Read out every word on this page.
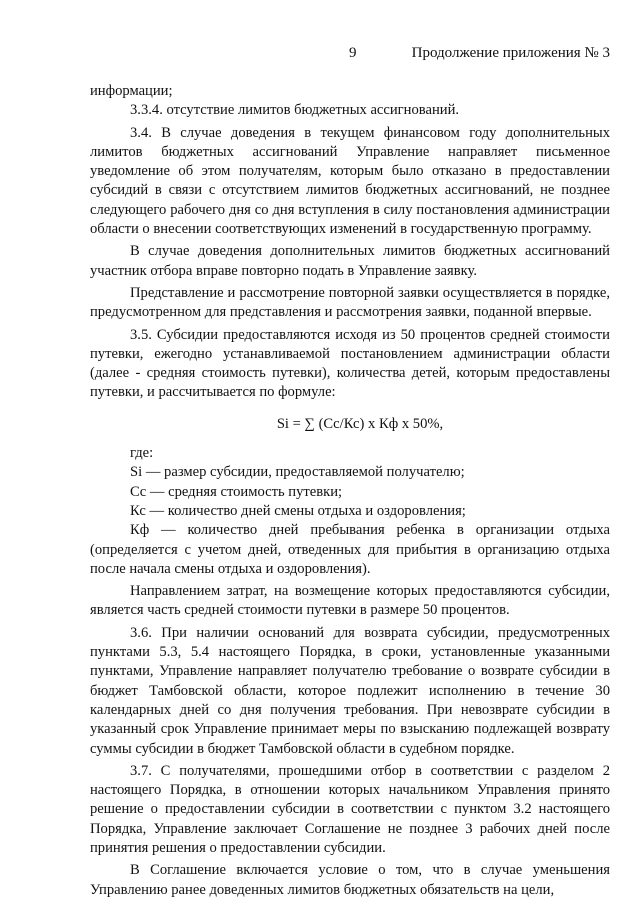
9	Продолжение приложения № 3

информации;

3.3.4. отсутствие лимитов бюджетных ассигнований.

3.4. В случае доведения в текущем финансовом году дополнительных лимитов бюджетных ассигнований Управление направляет письменное уведомление об этом получателям, которым было отказано в предоставлении субсидий в связи с отсутствием лимитов бюджетных ассигнований, не позднее следующего рабочего дня со дня вступления в силу постановления администрации области о внесении соответствующих изменений в государственную программу.

В случае доведения дополнительных лимитов бюджетных ассигнований участник отбора вправе повторно подать в Управление заявку.

Представление и рассмотрение повторной заявки осуществляется в порядке, предусмотренном для представления и рассмотрения заявки, поданной впервые.

3.5. Субсидии предоставляются исходя из 50 процентов средней стоимости путевки, ежегодно устанавливаемой постановлением администрации области (далее - средняя стоимость путевки), количества детей, которым предоставлены путевки, и рассчитывается по формуле:

Si = ∑ (Cc/Кс) x Кф x 50%,

где:

Si — размер субсидии, предоставляемой получателю;

Cc — средняя стоимость путевки;

Кс — количество дней смены отдыха и оздоровления;

Кф — количество дней пребывания ребенка в организации отдыха (определяется с учетом дней, отведенных для прибытия в организацию отдыха после начала смены отдыха и оздоровления).

Направлением затрат, на возмещение которых предоставляются субсидии, является часть средней стоимости путевки в размере 50 процентов.

3.6. При наличии оснований для возврата субсидии, предусмотренных пунктами 5.3, 5.4 настоящего Порядка, в сроки, установленные указанными пунктами, Управление направляет получателю требование о возврате субсидии в бюджет Тамбовской области, которое подлежит исполнению в течение 30 календарных дней со дня получения требования. При невозврате субсидии в указанный срок Управление принимает меры по взысканию подлежащей возврату суммы субсидии в бюджет Тамбовской области в судебном порядке.

3.7. С получателями, прошедшими отбор в соответствии с разделом 2 настоящего Порядка, в отношении которых начальником Управления принято решение о предоставлении субсидии в соответствии с пунктом 3.2 настоящего Порядка, Управление заключает Соглашение не позднее 3 рабочих дней после принятия решения о предоставлении субсидии.

В Соглашение включается условие о том, что в случае уменьшения Управлению ранее доведенных лимитов бюджетных обязательств на цели,
